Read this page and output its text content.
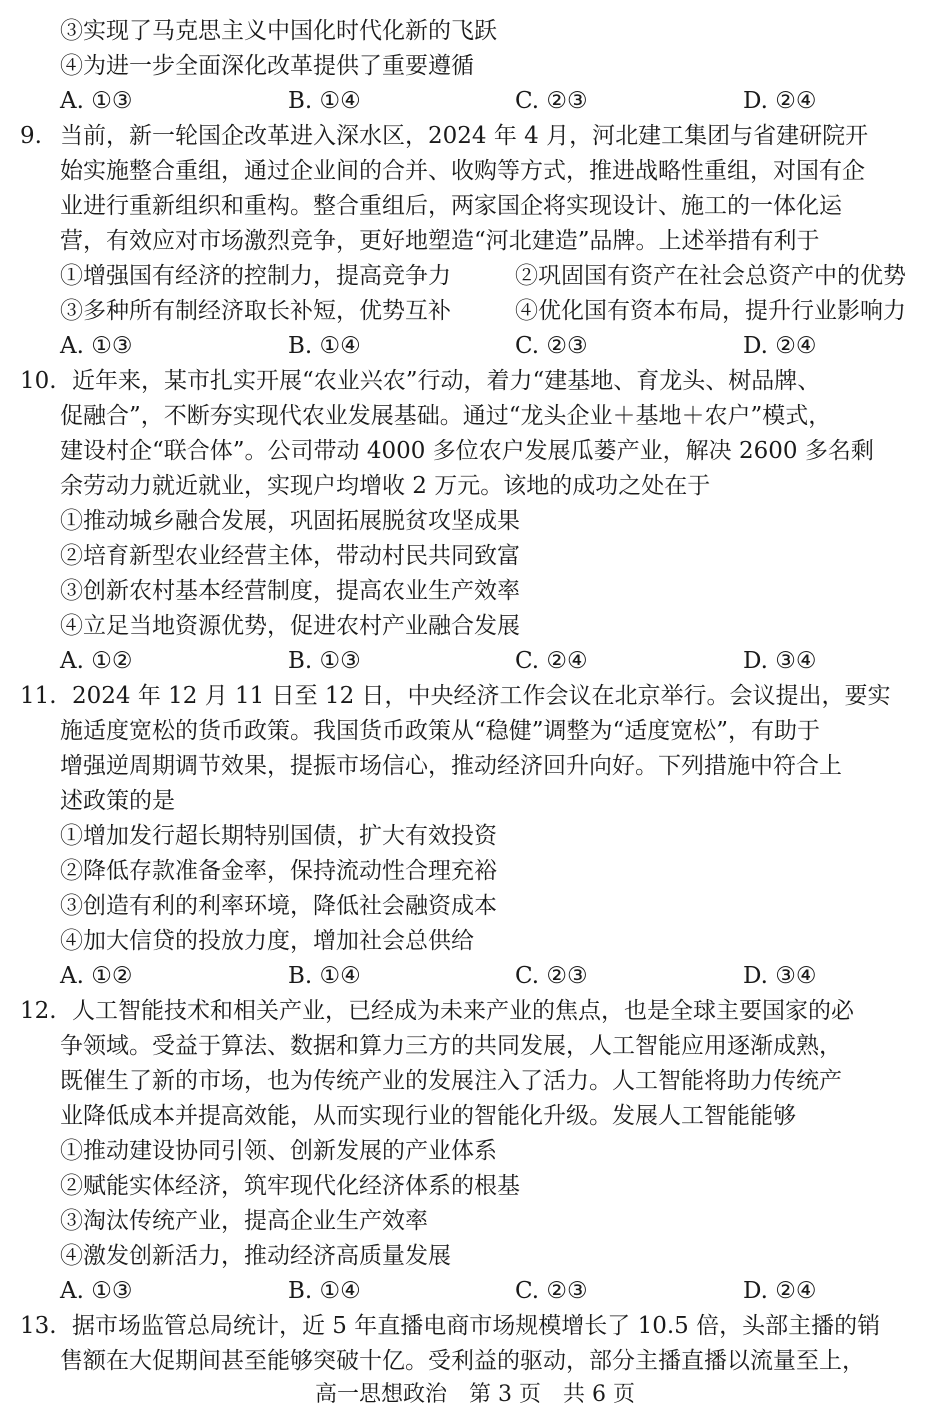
③实现了马克思主义中国化时代化新的飞跃
④为进一步全面深化改革提供了重要遵循
A. ①③	B. ①④	C. ②③	D. ②④
9. 当前，新一轮国企改革进入深水区，2024 年 4 月，河北建工集团与省建研院开
始实施整合重组，通过企业间的合并、收购等方式，推进战略性重组，对国有企
业进行重新组织和重构。整合重组后，两家国企将实现设计、施工的一体化运
营，有效应对市场激烈竞争，更好地塑造“河北建造”品牌。上述举措有利于
①增强国有经济的控制力，提高竞争力	②巩固国有资产在社会总资产中的优势
③多种所有制经济取长补短，优势互补	④优化国有资本布局，提升行业影响力
A. ①③	B. ①④	C. ②③	D. ②④
10. 近年来，某市扎实开展“农业兴农”行动，着力“建基地、育龙头、树品牌、
促融合”，不断夯实现代农业发展基础。通过“龙头企业＋基地＋农户”模式，
建设村企“联合体”。公司带动 4000 多位农户发展瓜蒌产业，解决 2600 多名剩
余劳动力就近就业，实现户均增收 2 万元。该地的成功之处在于
①推动城乡融合发展，巩固拓展脱贫攻坚成果
②培育新型农业经营主体，带动村民共同致富
③创新农村基本经营制度，提高农业生产效率
④立足当地资源优势，促进农村产业融合发展
A. ①②	B. ①③	C. ②④	D. ③④
11. 2024 年 12 月 11 日至 12 日，中央经济工作会议在北京举行。会议提出，要实
施适度宽松的货币政策。我国货币政策从“稳健”调整为“适度宽松”，有助于
增强逆周期调节效果，提振市场信心，推动经济回升向好。下列措施中符合上
述政策的是
①增加发行超长期特别国债，扩大有效投资
②降低存款准备金率，保持流动性合理充裕
③创造有利的利率环境，降低社会融资成本
④加大信贷的投放力度，增加社会总供给
A. ①②	B. ①④	C. ②③	D. ③④
12. 人工智能技术和相关产业，已经成为未来产业的焦点，也是全球主要国家的必
争领域。受益于算法、数据和算力三方的共同发展，人工智能应用逐渐成熟，
既催生了新的市场，也为传统产业的发展注入了活力。人工智能将助力传统产
业降低成本并提高效能，从而实现行业的智能化升级。发展人工智能能够
①推动建设协同引领、创新发展的产业体系
②赋能实体经济，筑牢现代化经济体系的根基
③淘汰传统产业，提高企业生产效率
④激发创新活力，推动经济高质量发展
A. ①③	B. ①④	C. ②③	D. ②④
13. 据市场监管总局统计，近 5 年直播电商市场规模增长了 10.5 倍，头部主播的销
售额在大促期间甚至能够突破十亿。受利益的驱动，部分主播直播以流量至上，
高一思想政治　第 3 页　共 6 页
